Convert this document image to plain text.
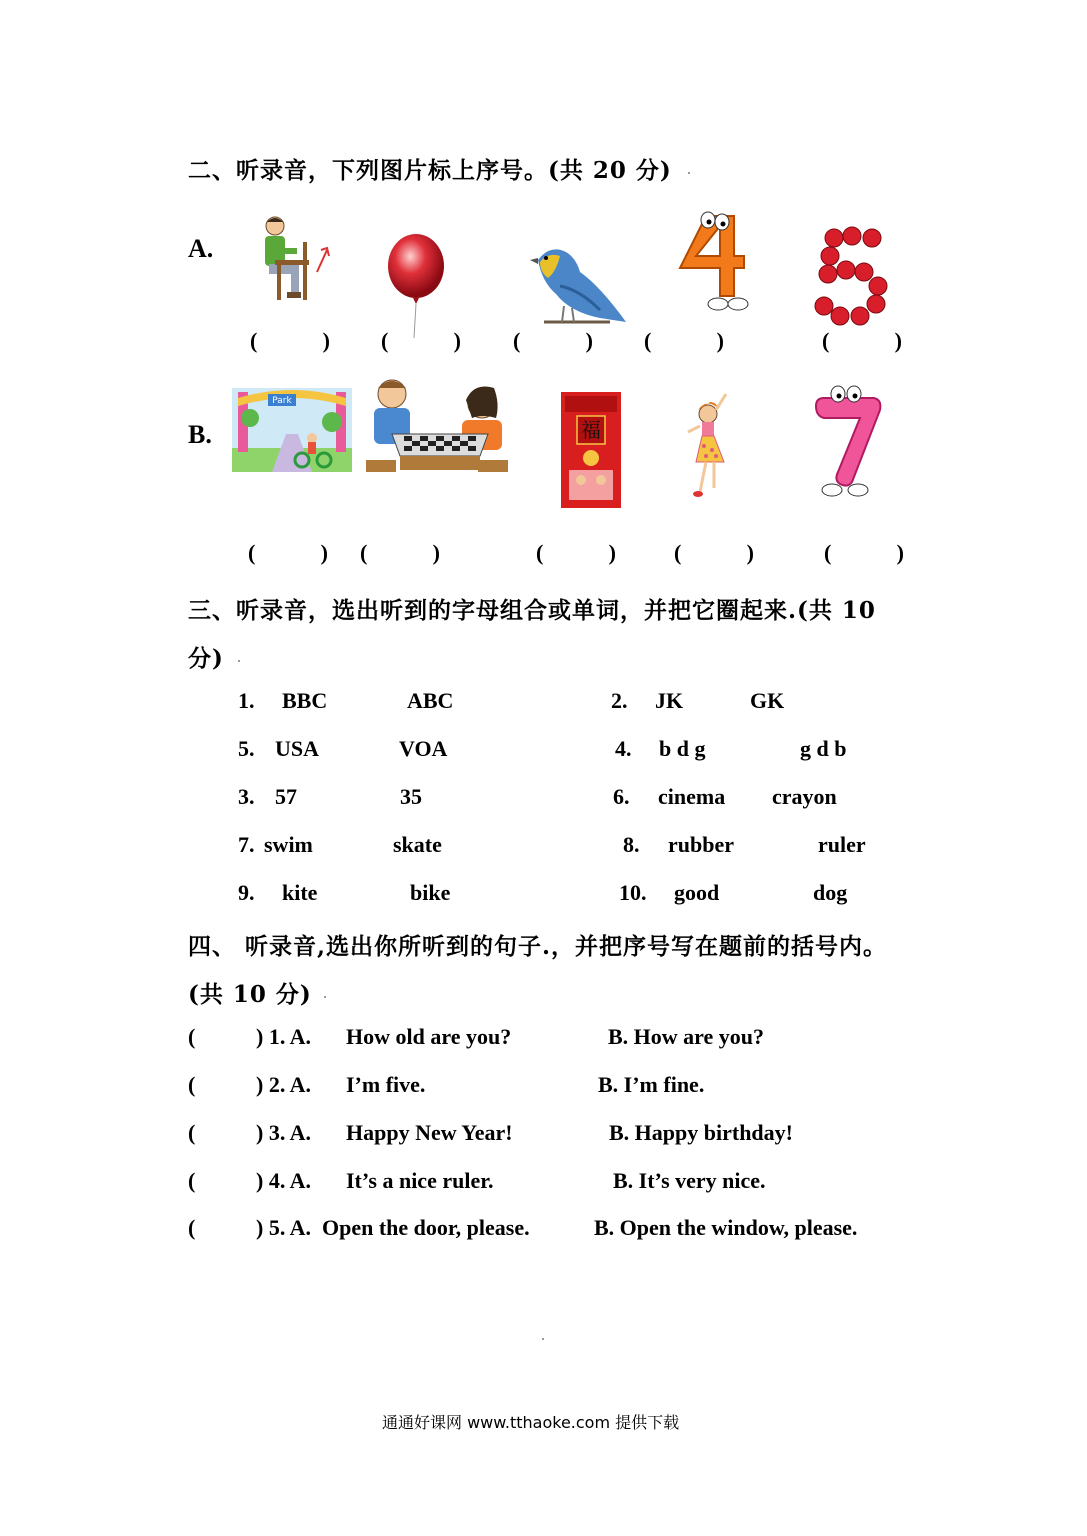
二、听录音，下列图片标上序号。(共 20 分)
A.
(	) (	) (	) (	)	(	)
B.
Park
福
(	) (	)	(	)	(	)	(	)
三、听录音，选出听到的字母组合或单词，并把它圈起来.(共 10
分)
1. BBC	ABC	2. JK	GK
5. USA	VOA	4. b d g	g d b
3. 57	35	6. cinema crayon
7. swim	skate	8. rubber	ruler
9. kite	bike	10. good	dog
四、 听录音,选出你所听到的句子.，并把序号写在题前的括号内。
(共 10 分)
(	) 1. A. How old are you?	B. How are you?
(	) 2. A. I’m five.	B. I’m fine.
(	) 3. A. Happy New Year!	B. Happy birthday!
(	) 4. A. It’s a nice ruler.	B. It’s very nice.
(	) 5. A. Open the door, please.	B. Open the window, please.
通通好课网 www.tthaoke.com 提供下载
